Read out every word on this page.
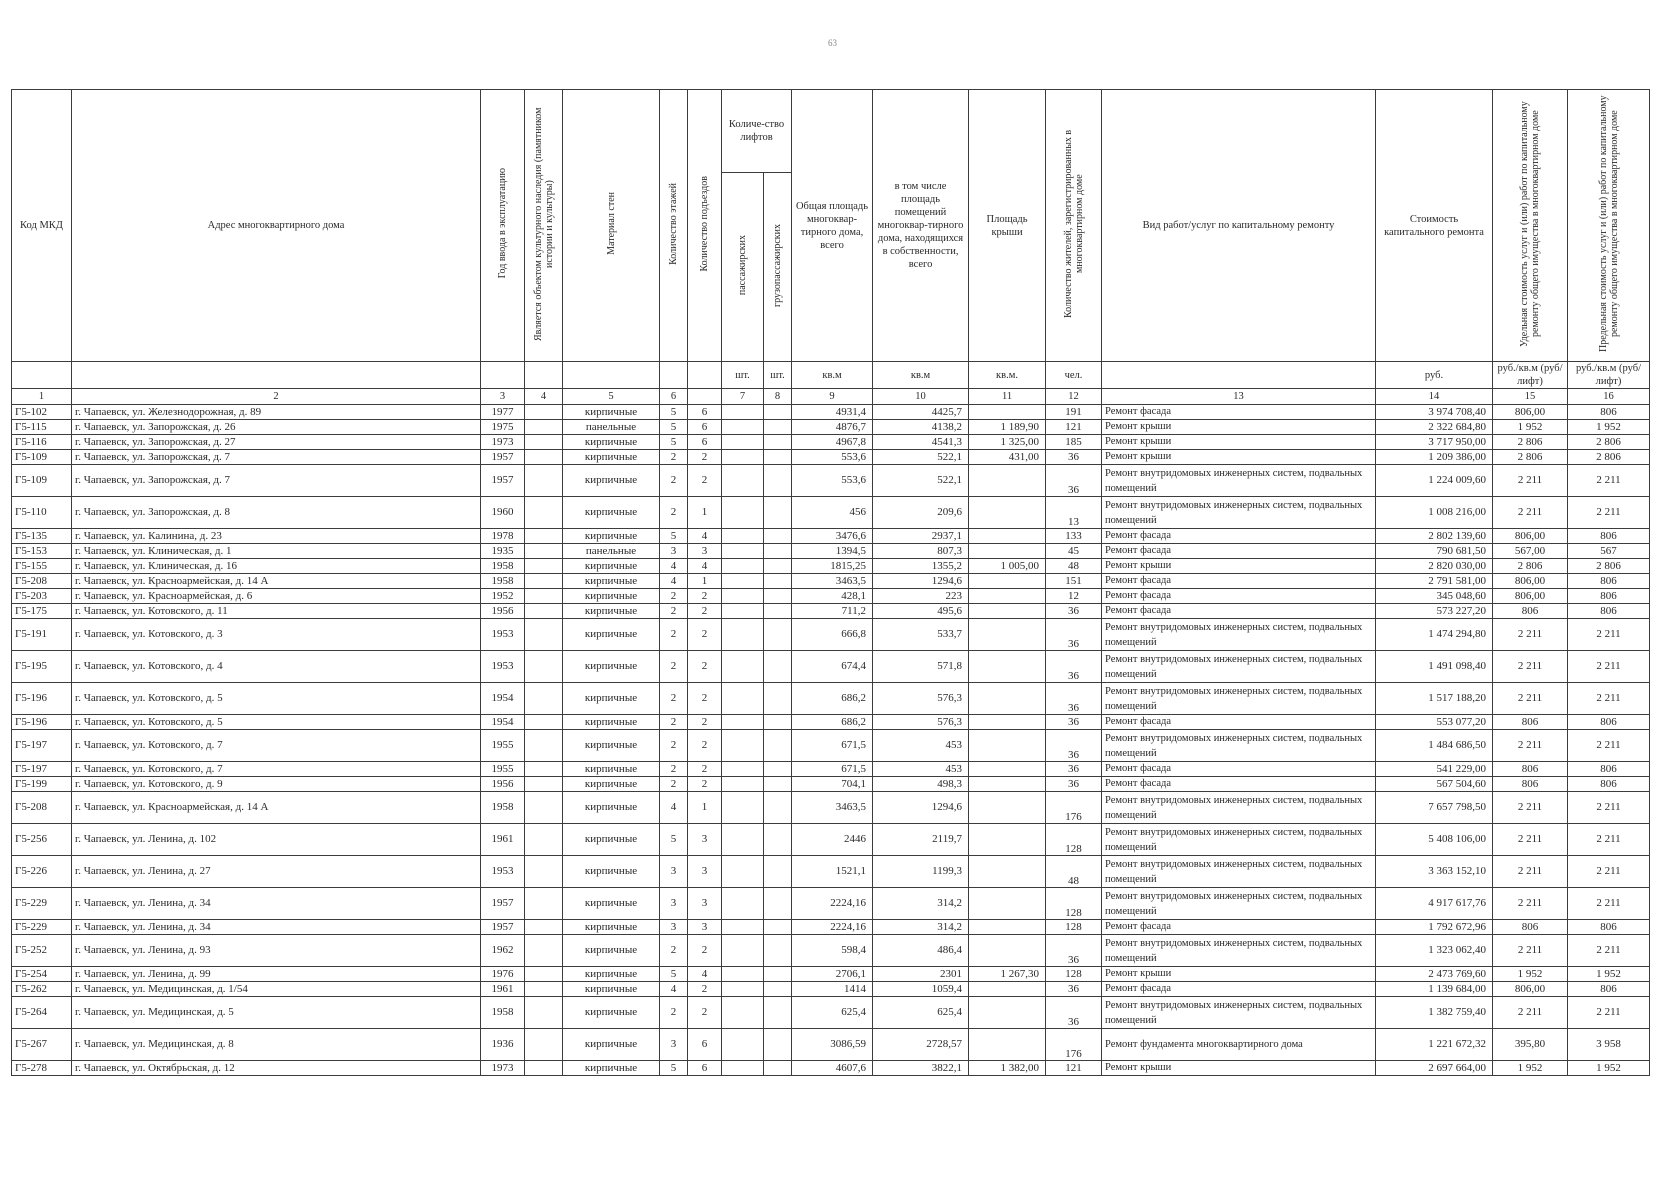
63
Код МКД	Адрес многоквартирного дома	Год ввода в эксплуатацию	Является объектом культурного наследия (памятником истории и культуры)	Материал стен	Количество этажей	Количество подъездов	Количе-ство лифтов		Общая площадь многоквар-тирного дома, всего	в том числе площадь помещений многоквар-тирного дома, находящихся в собственности, всего	Площадь крыши	Количество жителей, зарегистрированных в многоквартирном доме	Вид работ/услуг по капитальному ремонту	Стоимость капитального ремонта	Удельная стоимость услуг и (или) работ по капитальному ремонту общего имущества в многоквартирном доме	Предельная стоимость услуг и (или) работ по капитальному ремонту общего имущества в многоквартирном доме
							пассажирских	грузопассажирских								
							шт.	шт.	кв.м	кв.м	кв.м.	чел.		руб.	руб./кв.м (руб/лифт)	руб./кв.м (руб/лифт)
1	2	3	4	5	6		7	8	9	10	11	12	13	14	15	16
Г5-102	г. Чапаевск, ул. Железнодорожная, д. 89	1977		кирпичные	5	6			4931,4	4425,7		191	Ремонт фасада	3 974 708,40	806,00	806
Г5-115	г. Чапаевск, ул. Запорожская, д. 26	1975		панельные	5	6			4876,7	4138,2	1 189,90	121	Ремонт крыши	2 322 684,80	1 952	1 952
Г5-116	г. Чапаевск, ул. Запорожская, д. 27	1973		кирпичные	5	6			4967,8	4541,3	1 325,00	185	Ремонт крыши	3 717 950,00	2 806	2 806
Г5-109	г. Чапаевск, ул. Запорожская, д. 7	1957		кирпичные	2	2			553,6	522,1	431,00	36	Ремонт крыши	1 209 386,00	2 806	2 806
Г5-109	г. Чапаевск, ул. Запорожская, д. 7	1957		кирпичные	2	2			553,6	522,1		36	Ремонт внутридомовых инженерных систем, подвальных помещений	1 224 009,60	2 211	2 211
Г5-110	г. Чапаевск, ул. Запорожская, д. 8	1960		кирпичные	2	1			456	209,6		13	Ремонт внутридомовых инженерных систем, подвальных помещений	1 008 216,00	2 211	2 211
Г5-135	г. Чапаевск, ул. Калинина, д. 23	1978		кирпичные	5	4			3476,6	2937,1		133	Ремонт фасада	2 802 139,60	806,00	806
Г5-153	г. Чапаевск, ул. Клиническая, д. 1	1935		панельные	3	3			1394,5	807,3		45	Ремонт фасада	790 681,50	567,00	567
Г5-155	г. Чапаевск, ул. Клиническая, д. 16	1958		кирпичные	4	4			1815,25	1355,2	1 005,00	48	Ремонт крыши	2 820 030,00	2 806	2 806
Г5-208	г. Чапаевск, ул. Красноармейская, д. 14 А	1958		кирпичные	4	1			3463,5	1294,6		151	Ремонт фасада	2 791 581,00	806,00	806
Г5-203	г. Чапаевск, ул. Красноармейская, д. 6	1952		кирпичные	2	2			428,1	223		12	Ремонт фасада	345 048,60	806,00	806
Г5-175	г. Чапаевск, ул. Котовского, д. 11	1956		кирпичные	2	2			711,2	495,6		36	Ремонт фасада	573 227,20	806	806
Г5-191	г. Чапаевск, ул. Котовского, д. 3	1953		кирпичные	2	2			666,8	533,7		36	Ремонт внутридомовых инженерных систем, подвальных помещений	1 474 294,80	2 211	2 211
Г5-195	г. Чапаевск, ул. Котовского, д. 4	1953		кирпичные	2	2			674,4	571,8		36	Ремонт внутридомовых инженерных систем, подвальных помещений	1 491 098,40	2 211	2 211
Г5-196	г. Чапаевск, ул. Котовского, д. 5	1954		кирпичные	2	2			686,2	576,3		36	Ремонт внутридомовых инженерных систем, подвальных помещений	1 517 188,20	2 211	2 211
Г5-196	г. Чапаевск, ул. Котовского, д. 5	1954		кирпичные	2	2			686,2	576,3		36	Ремонт фасада	553 077,20	806	806
Г5-197	г. Чапаевск, ул. Котовского, д. 7	1955		кирпичные	2	2			671,5	453		36	Ремонт внутридомовых инженерных систем, подвальных помещений	1 484 686,50	2 211	2 211
Г5-197	г. Чапаевск, ул. Котовского, д. 7	1955		кирпичные	2	2			671,5	453		36	Ремонт фасада	541 229,00	806	806
Г5-199	г. Чапаевск, ул. Котовского, д. 9	1956		кирпичные	2	2			704,1	498,3		36	Ремонт фасада	567 504,60	806	806
Г5-208	г. Чапаевск, ул. Красноармейская, д. 14 А	1958		кирпичные	4	1			3463,5	1294,6		176	Ремонт внутридомовых инженерных систем, подвальных помещений	7 657 798,50	2 211	2 211
Г5-256	г. Чапаевск, ул. Ленина, д. 102	1961		кирпичные	5	3			2446	2119,7		128	Ремонт внутридомовых инженерных систем, подвальных помещений	5 408 106,00	2 211	2 211
Г5-226	г. Чапаевск, ул. Ленина, д. 27	1953		кирпичные	3	3			1521,1	1199,3		48	Ремонт внутридомовых инженерных систем, подвальных помещений	3 363 152,10	2 211	2 211
Г5-229	г. Чапаевск, ул. Ленина, д. 34	1957		кирпичные	3	3			2224,16	314,2		128	Ремонт внутридомовых инженерных систем, подвальных помещений	4 917 617,76	2 211	2 211
Г5-229	г. Чапаевск, ул. Ленина, д. 34	1957		кирпичные	3	3			2224,16	314,2		128	Ремонт фасада	1 792 672,96	806	806
Г5-252	г. Чапаевск, ул. Ленина, д. 93	1962		кирпичные	2	2			598,4	486,4		36	Ремонт внутридомовых инженерных систем, подвальных помещений	1 323 062,40	2 211	2 211
Г5-254	г. Чапаевск, ул. Ленина, д. 99	1976		кирпичные	5	4			2706,1	2301	1 267,30	128	Ремонт крыши	2 473 769,60	1 952	1 952
Г5-262	г. Чапаевск, ул. Медицинская, д. 1/54	1961		кирпичные	4	2			1414	1059,4		36	Ремонт фасада	1 139 684,00	806,00	806
Г5-264	г. Чапаевск, ул. Медицинская, д. 5	1958		кирпичные	2	2			625,4	625,4		36	Ремонт внутридомовых инженерных систем, подвальных помещений	1 382 759,40	2 211	2 211
Г5-267	г. Чапаевск, ул. Медицинская, д. 8	1936		кирпичные	3	6			3086,59	2728,57		176	Ремонт фундамента многоквартирного дома	1 221 672,32	395,80	3 958
Г5-278	г. Чапаевск, ул. Октябрьская, д. 12	1973		кирпичные	5	6			4607,6	3822,1	1 382,00	121	Ремонт крыши	2 697 664,00	1 952	1 952
